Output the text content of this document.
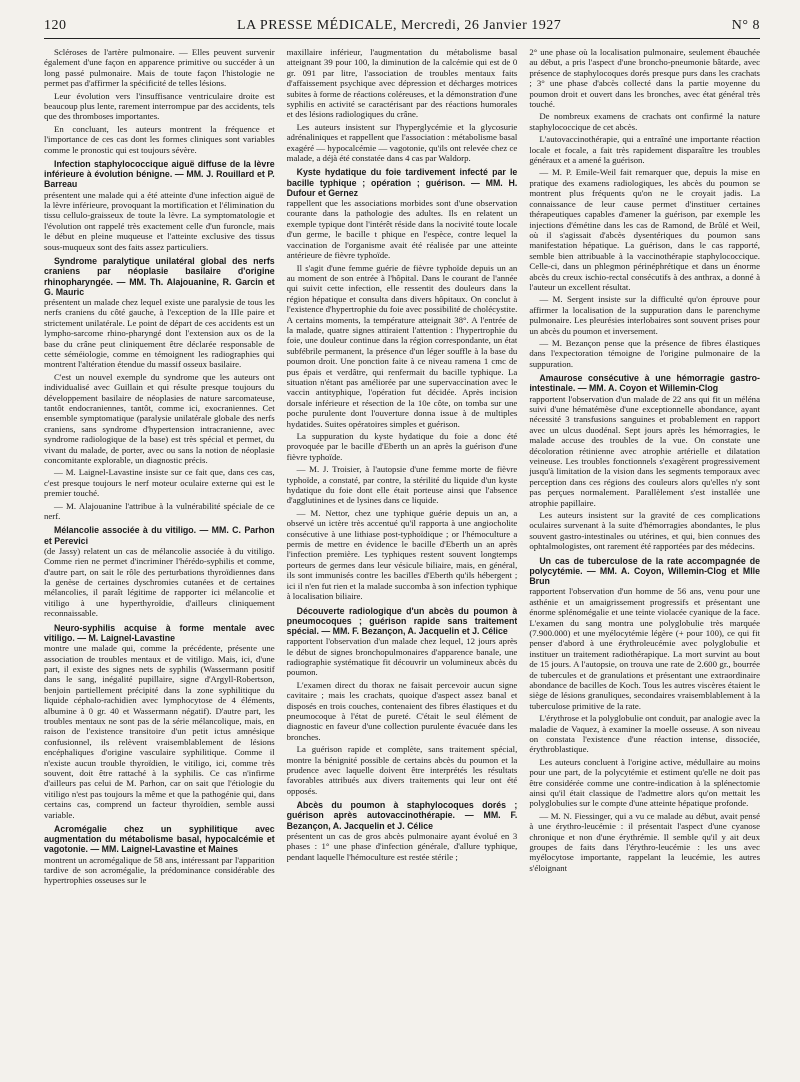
120	LA PRESSE MÉDICALE, Mercredi, 26 Janvier 1927	N° 8

Scléroses de l'artère pulmonaire. — Elles peuvent survenir également d'une façon en apparence primitive ou succéder à un long passé pulmonaire. Mais de toute façon l'histologie ne permet pas d'affirmer la spécificité de telles lésions.

Leur évolution vers l'insuffisance ventriculaire droite est beaucoup plus lente, rarement interrompue par des accidents, tels que des thromboses importantes.

En concluant, les auteurs montrent la fréquence et l'importance de ces cas dont les formes cliniques sont variables comme le pronostic qui est toujours sévère.

Infection staphylococcique aiguë diffuse de la lèvre inférieure à évolution bénigne. — MM. J. Rouillard et P. Barreau

présentent une malade qui a été atteinte d'une infection aiguë de la lèvre inférieure, provoquant la mortification et l'élimination du tissu cellulo-graisseux de toute la lèvre. La symptomatologie et l'évolution ont rappelé très exactement celle d'un furoncle, mais le début en pleine muqueuse et l'atteinte exclusive des tissus sous-muqueux sont des faits assez particuliers.

Syndrome paralytique unilatéral global des nerfs craniens par néoplasie basilaire d'origine rhinopharyngée. — MM. Th. Alajouanine, R. Garcin et G. Mauric

présentent un malade chez lequel existe une paralysie de tous les nerfs craniens du côté gauche, à l'exception de la IIIe paire et strictement unilatérale. Le point de départ de ces accidents est un lympho-sarcome rhino-pharyngé dont l'extension aux os de la base du crâne peut cliniquement être déclarée responsable de cette séméiologie, comme en témoignent les radiographies qui montrent l'altération étendue du massif osseux basilaire.

C'est un nouvel exemple du syndrome que les auteurs ont individualisé avec Guillain et qui résulte presque toujours du développement basilaire de néoplasies de nature sarcomateuse, tantôt endocraniennes, tantôt, comme ici, exocraniennes. Cet ensemble symptomatique (paralysie unilatérale globale des nerfs craniens, sans syndrome d'hypertension intracranienne, avec syndrome radiologique de la base) est très spécial et permet, du vivant du malade, de porter, avec ou sans la notion de néoplasie concomitante explorable, un diagnostic précis.

— M. Laignel-Lavastine insiste sur ce fait que, dans ces cas, c'est presque toujours le nerf moteur oculaire externe qui est le premier touché.

— M. Alajouanine l'attribue à la vulnérabilité spéciale de ce nerf.

Mélancolie associée à du vitiligo. — MM. C. Parhon et Perevici

(de Jassy) relatent un cas de mélancolie associée à du vitiligo. Comme rien ne permet d'incriminer l'hérédo-syphilis et comme, d'autre part, on sait le rôle des perturbations thyroïdiennes dans la genèse de certaines dyschromies cutanées et de certaines mélancolies, il paraît légitime de rapporter ici mélancolie et vitiligo à une hyperthyroïdie, d'ailleurs cliniquement reconnaissable.

Neuro-syphilis acquise à forme mentale avec vitiligo. — M. Laignel-Lavastine

montre une malade qui, comme la précédente, présente une association de troubles mentaux et de vitiligo. Mais, ici, d'une part, il existe des signes nets de syphilis (Wassermann positif dans le sang, inégalité pupillaire, signe d'Argyll-Robertson, benjoin partiellement précipité dans la zone syphilitique du liquide céphalo-rachidien avec lymphocytose de 4 éléments, albumine à 0 gr. 40 et Wassermann négatif). D'autre part, les troubles mentaux ne sont pas de la série mélancolique, mais, en raison de l'existence transitoire d'un petit ictus amnésique confusionnel, ils relèvent vraisemblablement de lésions encéphaliques d'origine vasculaire syphilitique. Comme il n'existe aucun trouble thyroïdien, le vitiligo, ici, comme très souvent, doit être rattaché à la syphilis. Ce cas n'infirme d'ailleurs pas celui de M. Parhon, car on sait que l'étiologie du vitiligo n'est pas toujours la même et que la pathogénie qui, dans certains cas, comprend un facteur thyroïdien, semble aussi variable.

Acromégalie chez un syphilitique avec augmentation du métabolisme basal, hypocalcémie et vagotonie. — MM. Laignel-Lavastine et Maines

montrent un acromégalique de 58 ans, intéressant par l'apparition tardive de son acromégalie, la prédominance considérable des hypertrophies osseuses sur le

maxillaire inférieur, l'augmentation du métabolisme basal atteignant 39 pour 100, la diminution de la calcémie qui est de 0 gr. 091 par litre, l'association de troubles mentaux faits d'affaissement psychique avec dépression et décharges motrices subites à forme de réactions coléreuses, et la démonstration d'une syphilis en activité se caractérisant par des réactions humorales et des lésions radiologiques du crâne.

Les auteurs insistent sur l'hyperglycémie et la glycosurie adrénaliniques et rappellent que l'association : métabolisme basal exagéré — hypocalcémie — vagotonie, qu'ils ont relevée chez ce malade, a déjà été constatée dans 4 cas par Waldorp.

Kyste hydatique du foie tardivement infecté par le bacille typhique ; opération ; guérison. — MM. H. Dufour et Gernez

rappellent que les associations morbides sont d'une observation courante dans la pathologie des adultes. Ils en relatent un exemple typique dont l'intérêt réside dans la nocivité toute locale d'un germe, le bacille t phique en l'espèce, contre lequel la vaccination de l'organisme avait été réalisée par une atteinte antérieure de fièvre typhoïde.

Il s'agit d'une femme guérie de fièvre typhoïde depuis un an au moment de son entrée à l'hôpital. Dans le courant de l'année qui suivit cette infection, elle ressentit des douleurs dans la région hépatique et consulta dans divers hôpitaux. On conclut à l'existence d'hypertrophie du foie avec possibilité de cholécystite. A certains moments, la température atteignait 38°. A l'entrée de la malade, quatre signes attiraient l'attention : l'hypertrophie du foie, une douleur continue dans la région correspondante, un état subfébrile permanent, la présence d'un léger souffle à la base du poumon droit. Une ponction faite à ce niveau ramena 1 cmc de pus épais et verdâtre, qui renfermait du bacille typhique. La situation n'étant pas améliorée par une supervaccination avec le vaccin antityphique, l'opération fut décidée. Après incision dorsale inférieure et résection de la 10e côte, on tomba sur une poche purulente dont l'ouverture donna issue à de multiples hydatides. Suites opératoires simples et guérison.

La suppuration du kyste hydatique du foie a donc été provoquée par le bacille d'Eberth un an après la guérison d'une fièvre typhoïde.

— M. J. Troisier, à l'autopsie d'une femme morte de fièvre typhoïde, a constaté, par contre, la stérilité du liquide d'un kyste hydatique du foie dont elle était porteuse ainsi que l'absence d'agglutinines et de lysines dans ce liquide.

— M. Nettor, chez une typhique guérie depuis un an, a observé un ictère très accentué qu'il rapporta à une angiocholite consécutive à une lithiase post-typhoïdique ; or l'hémoculture a permis de mettre en évidence le bacille d'Eberth un an après l'infection première. Les typhiques restent souvent longtemps porteurs de germes dans leur vésicule biliaire, mais, en général, ils sont immunisés contre les bacilles d'Eberth qu'ils hébergent ; ici il n'en fut rien et la malade succomba à son infection typhique à localisation biliaire.

Découverte radiologique d'un abcès du poumon à pneumocoques ; guérison rapide sans traitement spécial. — MM. F. Bezançon, A. Jacquelin et J. Célice

rapportent l'observation d'un malade chez lequel, 12 jours après le début de signes bronchopulmonaires d'apparence banale, une radiographie systématique fit découvrir un volumineux abcès du poumon.

L'examen direct du thorax ne faisait percevoir aucun signe cavitaire ; mais les crachats, quoique d'aspect assez banal et disposés en trois couches, contenaient des fibres élastiques et du pneumocoque à l'état de pureté. C'était le seul élément de diagnostic en faveur d'une collection purulente évacuée dans les bronches.

La guérison rapide et complète, sans traitement spécial, montre la bénignité possible de certains abcès du poumon et la prudence avec laquelle doivent être interprétés les résultats favorables attribués aux divers traitements qui leur ont été opposés.

Abcès du poumon à staphylocoques dorés ; guérison après autovaccinothérapie. — MM. F. Bezançon, A. Jacquelin et J. Célice

présentent un cas de gros abcès pulmonaire ayant évolué en 3 phases : 1° une phase d'infection générale, d'allure typhique, pendant laquelle l'hémoculture est restée stérile ;

2° une phase où la localisation pulmonaire, seulement ébauchée au début, a pris l'aspect d'une broncho-pneumonie bâtarde, avec présence de staphylocoques dorés presque purs dans les crachats ; 3° une phase d'abcès collecté dans la partie moyenne du poumon droit et ouvert dans les bronches, avec état général très touché.

De nombreux examens de crachats ont confirmé la nature staphylococcique de cet abcès.

L'autovaccinothérapie, qui a entraîné une importante réaction locale et focale, a fait très rapidement disparaître les troubles généraux et a amené la guérison.

— M. P. Emile-Weil fait remarquer que, depuis la mise en pratique des examens radiologiques, les abcès du poumon se montrent plus fréquents qu'on ne le croyait jadis. La connaissance de leur cause permet d'instituer certaines thérapeutiques capables d'amener la guérison, par exemple les injections d'émétine dans les cas de Ramond, de Brûlé et Weil, où il s'agissait d'abcès dysentériques du poumon sans manifestation hépatique. La guérison, dans le cas rapporté, semble bien attribuable à la vaccinothérapie staphylococcique. Celle-ci, dans un phlegmon périnéphrétique et dans un énorme abcès du creux ischio-rectal consécutifs à des anthrax, a donné à l'auteur un excellent résultat.

— M. Sergent insiste sur la difficulté qu'on éprouve pour affirmer la localisation de la suppuration dans le parenchyme pulmonaire. Les pleurésies interlobaires sont souvent prises pour un abcès du poumon et inversement.

— M. Bezançon pense que la présence de fibres élastiques dans l'expectoration témoigne de l'origine pulmonaire de la suppuration.

Amaurose consécutive à une hémorragie gastro-intestinale. — MM. A. Coyon et Willemin-Clog

rapportent l'observation d'un malade de 22 ans qui fit un méléna suivi d'une hématémèse d'une exceptionnelle abondance, ayant nécessité 3 transfusions sanguines et probablement en rapport avec un ulcus duodénal. Sept jours après les hémorragies, le malade accuse des troubles de la vue. On constate une décoloration rétinienne avec atrophie artérielle et dilatation veineuse. Les troubles fonctionnels s'exagèrent progressivement jusqu'à limitation de la vision dans les segments temporaux avec perception dans ces régions des couleurs alors qu'elles n'y sont pas perçues normalement. Parallèlement s'est installée une atrophie papillaire.

Les auteurs insistent sur la gravité de ces complications oculaires survenant à la suite d'hémorragies abondantes, le plus souvent gastro-intestinales ou utérines, et qui, bien connues des ophtalmologistes, ont rarement été rapportées par des médecins.

Un cas de tuberculose de la rate accompagnée de polycytémie. — MM. A. Coyon, Willemin-Clog et Mlle Brun

rapportent l'observation d'un homme de 56 ans, venu pour une asthénie et un amaigrissement progressifs et présentant une énorme splénomégalie et une teinte violacée cyanique de la face. L'examen du sang montra une polyglobulie très marquée (7.900.000) et une myélocytémie légère (+ pour 100), ce qui fit penser d'abord à une érythroleucémie avec polyglobulie et instituer un traitement radiothérapique. La mort survint au bout de 15 jours. A l'autopsie, on trouva une rate de 2.600 gr., bourrée de tubercules et de granulations et présentant une extraordinaire abondance de bacilles de Koch. Tous les autres viscères étaient le siège de lésions granuliques, secondaires vraisemblablement à la tuberculose primitive de la rate.

L'érythrose et la polyglobulie ont conduit, par analogie avec la maladie de Vaquez, à examiner la moelle osseuse. A son niveau on constata l'existence d'une réaction intense, dissociée, érythroblastique.

Les auteurs concluent à l'origine active, médullaire au moins pour une part, de la polycytémie et estiment qu'elle ne doit pas être considérée comme une contre-indication à la splénectomie ainsi qu'il était classique de l'admettre alors qu'on mettait les polyglobulies sur le compte d'une atteinte hépatique profonde.

— M. N. Fiessinger, qui a vu ce malade au début, avait pensé à une érythro-leucémie : il présentait l'aspect d'une cyanose chronique et non d'une érythrémie. Il semble qu'il y ait deux groupes de faits dans l'érythro-leucémie : les uns avec myélocytose importante, rappelant la leucémie, les autres s'éloignant
